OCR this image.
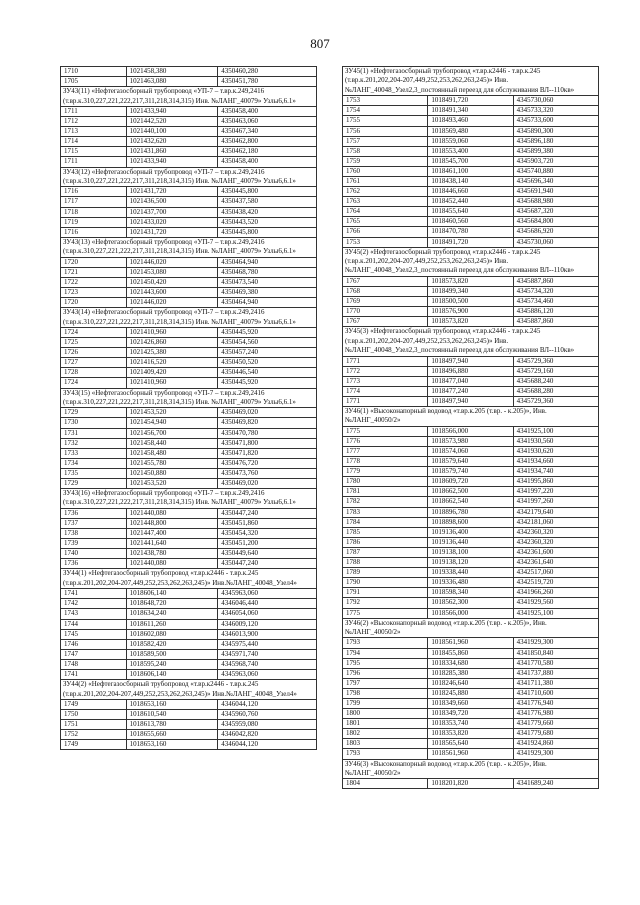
807
1710	1021458,380	4350460,280
1705	1021463,080	4350451,780
ЗУ43(11) «Нефтегазосборный трубопровод «УП-7 – т.вр.к.249,2416 (т.вр.к.310,227,221,222,217,311,218,314,315) Инв. №ЛАНГ_40079» Узлы6,6.1»		
1711	1021433,940	4350458,400
1712	1021442,520	4350463,060
1713	1021440,100	4350467,340
1714	1021432,620	4350462,800
1715	1021431,860	4350462,180
1711	1021433,940	4350458,400
ЗУ43(12) «Нефтегазосборный трубопровод «УП-7 – т.вр.к.249,2416 (т.вр.к.310,227,221,222,217,311,218,314,315) Инв. №ЛАНГ_40079» Узлы6,6.1»		
1716	1021431,720	4350445,800
1717	1021436,500	4350437,580
1718	1021437,700	4350438,420
1719	1021433,020	4350443,520
1716	1021431,720	4350445,800
ЗУ43(13) «Нефтегазосборный трубопровод «УП-7 – т.вр.к.249,2416 (т.вр.к.310,227,221,222,217,311,218,314,315) Инв. №ЛАНГ_40079» Узлы6,6.1»		
1720	1021446,020	4350464,940
1721	1021453,080	4350468,780
1722	1021450,420	4350473,540
1723	1021443,600	4350469,380
1720	1021446,020	4350464,940
ЗУ43(14) «Нефтегазосборный трубопровод «УП-7 – т.вр.к.249,2416 (т.вр.к.310,227,221,222,217,311,218,314,315) Инв. №ЛАНГ_40079» Узлы6,6.1»		
1724	1021410,960	4350445,920
1725	1021426,860	4350454,560
1726	1021425,380	4350457,240
1727	1021416,520	4350450,520
1728	1021409,420	4350446,540
1724	1021410,960	4350445,920
ЗУ43(15) «Нефтегазосборный трубопровод «УП-7 – т.вр.к.249,2416 (т.вр.к.310,227,221,222,217,311,218,314,315) Инв. №ЛАНГ_40079» Узлы6,6.1»		
1729	1021453,520	4350469,020
1730	1021454,940	4350469,820
1731	1021456,700	4350470,780
1732	1021458,440	4350471,800
1733	1021458,480	4350471,820
1734	1021455,780	4350476,720
1735	1021450,880	4350473,760
1729	1021453,520	4350469,020
ЗУ43(16) «Нефтегазосборный трубопровод «УП-7 – т.вр.к.249,2416 (т.вр.к.310,227,221,222,217,311,218,314,315) Инв. №ЛАНГ_40079» Узлы6,6.1»		
1736	1021440,080	4350447,240
1737	1021448,800	4350451,860
1738	1021447,400	4350454,320
1739	1021441,640	4350451,200
1740	1021438,780	4350449,640
1736	1021440,080	4350447,240
ЗУ44(1) «Нефтегазосборный трубопровод «т.вр.к2446 - т.вр.к.245 (т.вр.к.201,202,204-207,449,252,253,262,263,245)» Инв.№ЛАНГ_40048_Узел4»		
1741	1018606,140	4345963,060
1742	1018648,720	4346046,440
1743	1018634,240	4346054,060
1744	1018611,260	4346009,120
1745	1018602,080	4346013,900
1746	1018582,420	4345975,440
1747	1018589,500	4345971,740
1748	1018595,240	4345968,740
1741	1018606,140	4345963,060
ЗУ44(2) «Нефтегазосборный трубопровод «т.вр.к2446 - т.вр.к.245 (т.вр.к.201,202,204-207,449,252,253,262,263,245)» Инв.№ЛАНГ_40048_Узел4»		
1749	1018653,160	4346044,120
1750	1018610,540	4345960,760
1751	1018613,780	4345959,080
1752	1018655,660	4346042,820
1749	1018653,160	4346044,120
ЗУ45(1) «Нефтегазосборный трубопровод «т.вр.к2446 - т.вр.к.245 (т.вр.к.201,202,204-207,449,252,253,262,263,245)» Инв.№ЛАНГ_40048_Узел2,3_постоянный переезд для обслуживания ВЛ--110кв»		
1753	1018491,720	4345730,060
1754	1018491,340	4345733,320
1755	1018493,460	4345733,600
1756	1018569,480	4345890,300
1757	1018559,060	4345896,180
1758	1018553,400	4345899,380
1759	1018545,700	4345903,720
1760	1018461,100	4345740,880
1761	1018438,140	4345696,340
1762	1018446,660	4345691,940
1763	1018452,440	4345688,980
1764	1018455,640	4345687,320
1765	1018460,560	4345684,800
1766	1018470,780	4345686,920
1753	1018491,720	4345730,060
ЗУ45(2) «Нефтегазосборный трубопровод «т.вр.к2446 - т.вр.к.245 (т.вр.к.201,202,204-207,449,252,253,262,263,245)» Инв.№ЛАНГ_40048_Узел2,3_постоянный переезд для обслуживания ВЛ--110кв»		
1767	1018573,820	4345887,860
1768	1018499,340	4345734,320
1769	1018500,500	4345734,460
1770	1018576,900	4345886,120
1767	1018573,820	4345887,860
ЗУ45(3) «Нефтегазосборный трубопровод «т.вр.к2446 - т.вр.к.245 (т.вр.к.201,202,204-207,449,252,253,262,263,245)» Инв.№ЛАНГ_40048_Узел2,3_постоянный переезд для обслуживания ВЛ--110кв»		
1771	1018497,940	4345729,360
1772	1018496,880	4345729,160
1773	1018477,040	4345688,240
1774	1018477,240	4345688,280
1771	1018497,940	4345729,360
ЗУ46(1) «Высоконапорный водовод «т.вр.к.205 (т.вр. - к.205)», Инв. №ЛАНГ_40050/2»		
1775	1018566,000	4341925,100
1776	1018573,980	4341930,560
1777	1018574,060	4341930,620
1778	1018579,640	4341934,660
1779	1018579,740	4341934,740
1780	1018609,720	4341995,860
1781	1018662,500	4341997,220
1782	1018662,540	4341997,260
1783	1018896,780	4342179,640
1784	1018898,600	4342181,060
1785	1019136,400	4342360,320
1786	1019136,440	4342360,320
1787	1019138,100	4342361,600
1788	1019138,120	4342361,640
1789	1019338,440	4342517,060
1790	1019336,480	4342519,720
1791	1018598,340	4341966,260
1792	1018562,300	4341929,560
1775	1018566,000	4341925,100
ЗУ46(2) «Высоконапорный водовод «т.вр.к.205 (т.вр. - к.205)», Инв. №ЛАНГ_40050/2»		
1793	1018561,960	4341929,300
1794	1018455,860	4341850,840
1795	1018334,680	4341770,580
1796	1018285,380	4341737,880
1797	1018246,640	4341711,380
1798	1018245,880	4341710,600
1799	1018349,660	4341776,940
1800	1018349,720	4341776,980
1801	1018353,740	4341779,660
1802	1018353,820	4341779,680
1803	1018565,640	4341924,860
1793	1018561,960	4341929,300
ЗУ46(3) «Высоконапорный водовод «т.вр.к.205 (т.вр. - к.205)», Инв. №ЛАНГ_40050/2»		
1804	1018201,820	4341689,240
